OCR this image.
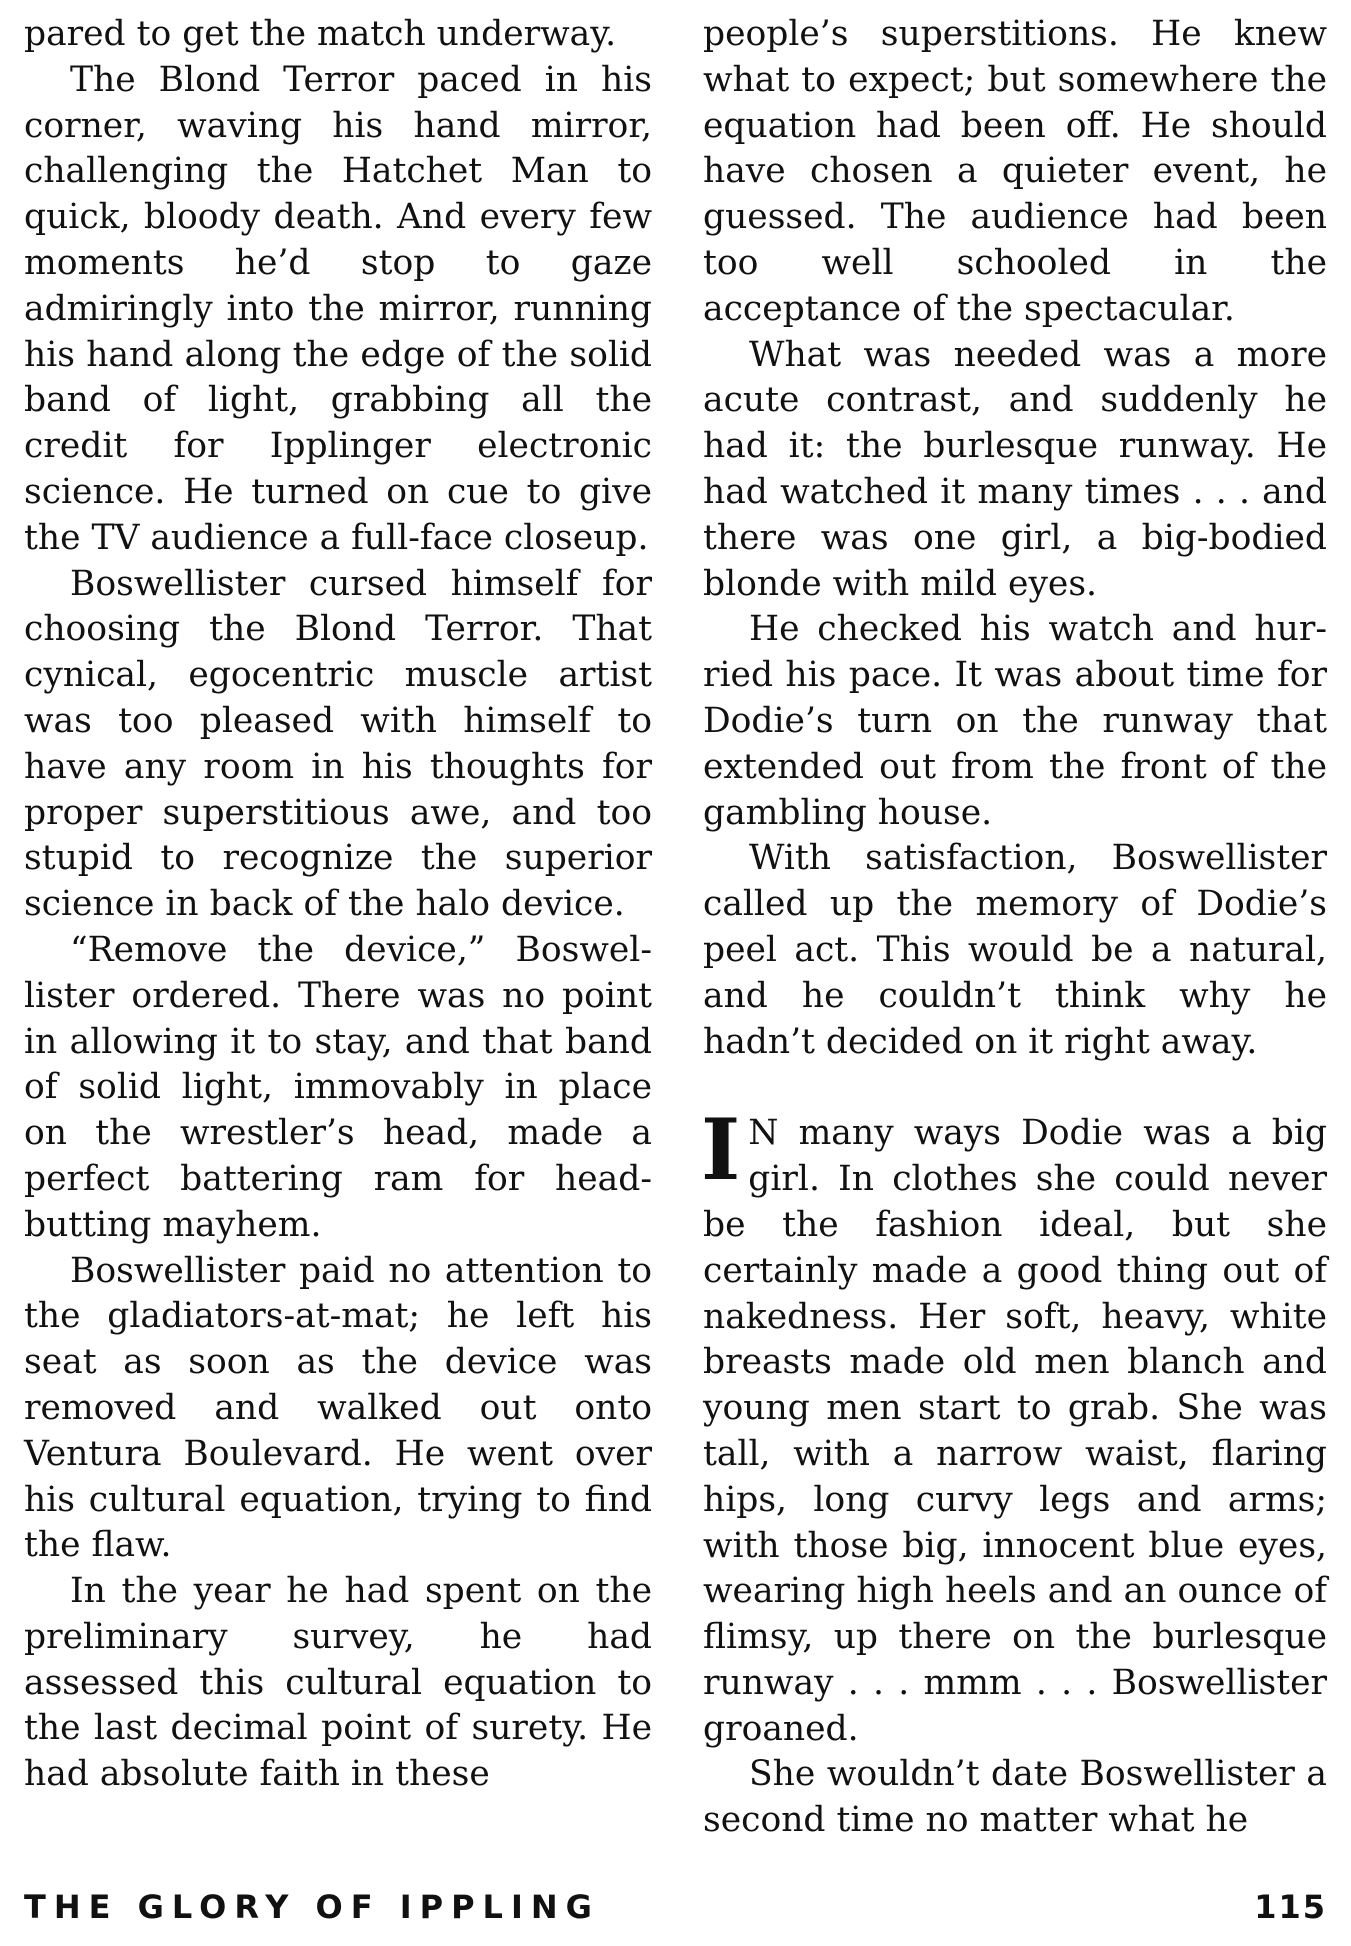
pared to get the match underway.

The Blond Terror paced in his corner, waving his hand mirror, challenging the Hatchet Man to quick, bloody death. And every few moments he’d stop to gaze admiringly into the mirror, running his hand along the edge of the solid band of light, grabbing all the credit for Ipplinger electronic science. He turned on cue to give the TV audience a full-face closeup.

Boswellister cursed himself for choosing the Blond Terror. That cynical, egocentric muscle artist was too pleased with himself to have any room in his thoughts for proper superstitious awe, and too stupid to recognize the superior science in back of the halo device.

“Remove the device,” Boswellister ordered. There was no point in allowing it to stay, and that band of solid light, immovably in place on the wrestler’s head, made a perfect battering ram for head-butting mayhem.

Boswellister paid no attention to the gladiators-at-mat; he left his seat as soon as the device was removed and walked out onto Ventura Boulevard. He went over his cultural equation, trying to find the flaw.

In the year he had spent on the preliminary survey, he had assessed this cultural equation to the last decimal point of surety. He had absolute faith in these

people’s superstitions. He knew what to expect; but somewhere the equation had been off. He should have chosen a quieter event, he guessed. The audience had been too well schooled in the acceptance of the spectacular.

What was needed was a more acute contrast, and suddenly he had it: the burlesque runway. He had watched it many times . . . and there was one girl, a big-bodied blonde with mild eyes.

He checked his watch and hurried his pace. It was about time for Dodie’s turn on the runway that extended out from the front of the gambling house.

With satisfaction, Boswellister called up the memory of Dodie’s peel act. This would be a natural, and he couldn’t think why he hadn’t decided on it right away.

I N many ways Dodie was a big girl. In clothes she could never be the fashion ideal, but she certainly made a good thing out of nakedness. Her soft, heavy, white breasts made old men blanch and young men start to grab. She was tall, with a narrow waist, flaring hips, long curvy legs and arms; with those big, innocent blue eyes, wearing high heels and an ounce of flimsy, up there on the burlesque runway . . . mmm . . . Boswellister groaned.

She wouldn’t date Boswellister a second time no matter what he

THE GLORY OF IPPLING	115
